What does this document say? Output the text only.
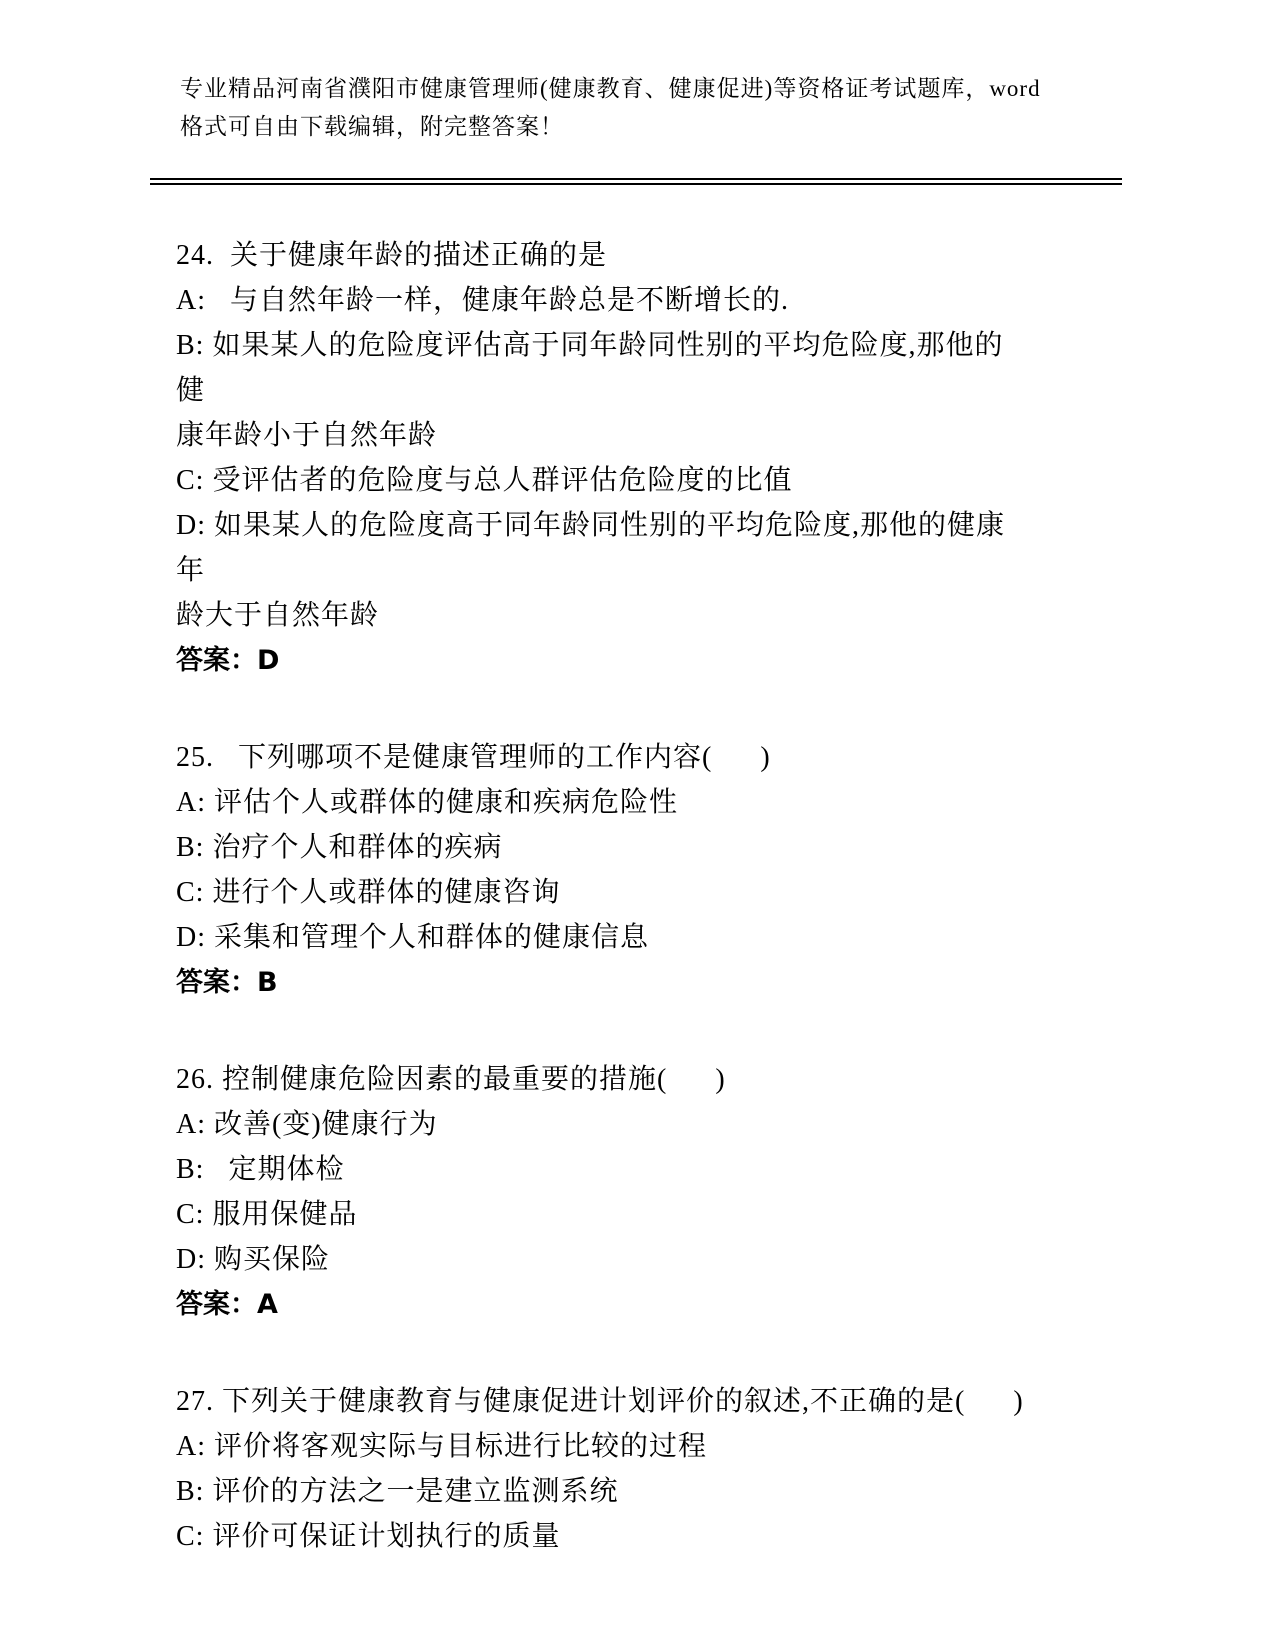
专业精品河南省濮阳市健康管理师(健康教育、健康促进)等资格证考试题库，word
格式可自由下载编辑，附完整答案！
24.  关于健康年龄的描述正确的是
A:   与自然年龄一样，健康年龄总是不断增长的.
B: 如果某人的危险度评估高于同年龄同性别的平均危险度,那他的健
康年龄小于自然年龄
C: 受评估者的危险度与总人群评估危险度的比值
D: 如果某人的危险度高于同年龄同性别的平均危险度,那他的健康年
龄大于自然年龄
答案：D
25.   下列哪项不是健康管理师的工作内容(      )
A: 评估个人或群体的健康和疾病危险性
B: 治疗个人和群体的疾病
C: 进行个人或群体的健康咨询
D: 采集和管理个人和群体的健康信息
答案：B
26. 控制健康危险因素的最重要的措施(      )
A: 改善(变)健康行为
B:   定期体检
C: 服用保健品
D: 购买保险
答案：A
27. 下列关于健康教育与健康促进计划评价的叙述,不正确的是(      )
A: 评价将客观实际与目标进行比较的过程
B: 评价的方法之一是建立监测系统
C: 评价可保证计划执行的质量
